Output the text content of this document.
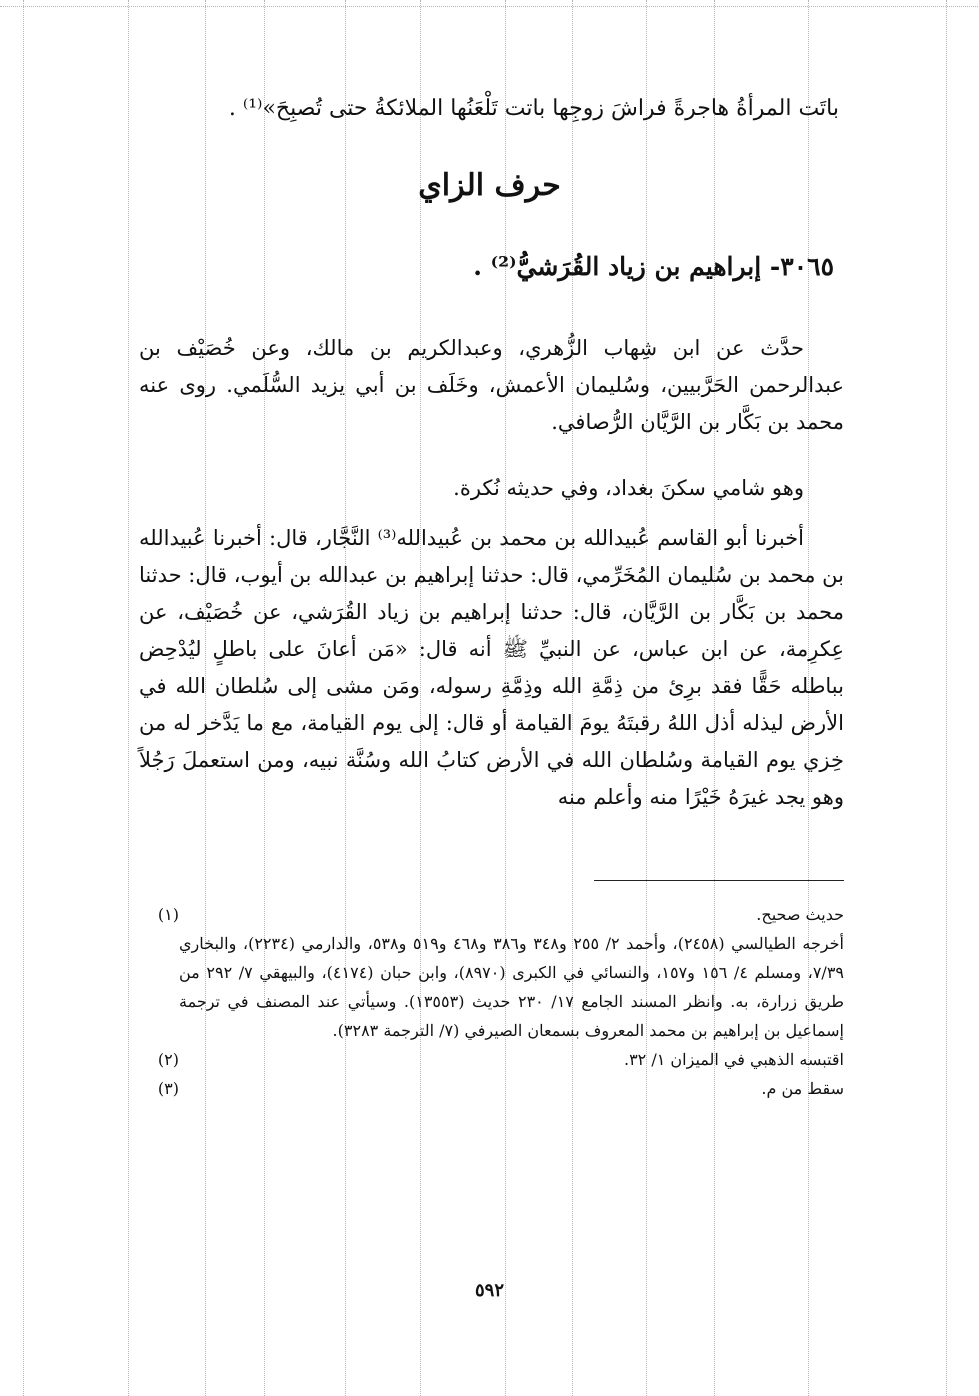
باتَت المرأةُ هاجرةً فراشَ زوجِها باتت تَلْعَنُها الملائكةُ حتى تُصبِحَ»⁽¹⁾ .
حرف الزاي
٣٠٦٥- إبراهيم بن زياد القُرَشيُّ⁽²⁾ .

حدَّث عن ابن شِهاب الزُّهري، وعبدالكريم بن مالك، وعن خُصَيْف بن عبدالرحمن الحَرَّبيين، وسُليمان الأعمش، وخَلَف بن أبي يزيد السُّلَمي. روى عنه محمد بن بَكَّار بن الرَّيَّان الرُّصافي.

وهو شامي سكنَ بغداد، وفي حديثه نُكرة.

أخبرنا أبو القاسم عُبيدالله بن محمد بن عُبيدالله⁽³⁾ النَّجَّار، قال: أخبرنا عُبيدالله بن محمد بن سُليمان المُخَرِّمي، قال: حدثنا إبراهيم بن عبدالله بن أيوب، قال: حدثنا محمد بن بَكَّار بن الرَّيَّان، قال: حدثنا إبراهيم بن زياد القُرَشي، عن خُصَيْف، عن عِكرِمة، عن ابن عباس، عن النبيِّ ﷺ أنه قال: «مَن أعانَ على باطلٍ ليُدْحِض بباطله حَقًّا فقد برِئ من ذِمَّةِ الله وذِمَّةِ رسوله، ومَن مشى إلى سُلطان الله في الأرض ليذله أذل اللهُ رقبتَهُ يومَ القيامة أو قال: إلى يوم القيامة، مع ما يَدَّخر له من خِزي يوم القيامة وسُلطان الله في الأرض كتابُ الله وسُنَّة نبيه، ومن استعملَ رَجُلاً وهو يجد غيرَهُ خَيْرًا منه وأعلم منه

(١)	حديث صحيح.
أخرجه الطيالسي (٢٤٥٨)، وأحمد ٢/ ٢٥٥ و٣٤٨ و٣٨٦ و٤٦٨ و٥١٩ و٥٣٨، والدارمي (٢٢٣٤)، والبخاري ٧/٣٩، ومسلم ٤/ ١٥٦ و١٥٧، والنسائي في الكبرى (٨٩٧٠)، وابن حبان (٤١٧٤)، والبيهقي ٧/ ٢٩٢ من طريق زرارة، به. وانظر المسند الجامع ١٧/ ٢٣٠ حديث (١٣٥٥٣). وسيأتي عند المصنف في ترجمة إسماعيل بن إبراهيم بن محمد المعروف بسمعان الصيرفي (٧/ الترجمة ٣٢٨٣).
(٢)	اقتبسه الذهبي في الميزان ١/ ٣٢.
(٣)	سقط من م.
٥٩٢
